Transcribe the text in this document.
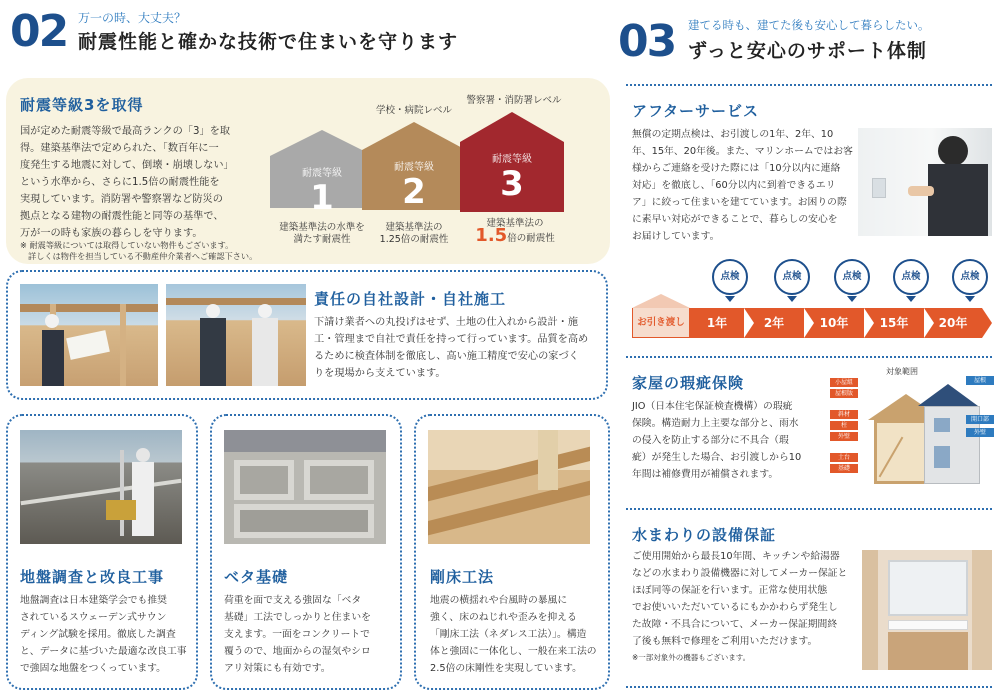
02 万一の時、大丈夫？
耐震性能と確かな技術で住まいを守ります
耐震等級3を取得
国が定めた耐震等級で最高ランクの「3」を取
得。建築基準法で定められた、「数百年に一
度発生する地震に対して、倒壊・崩壊しない」
という水準から、さらに1.5倍の耐震性能を
実現しています。消防署や警察署など防災の
拠点となる建物の耐震性能と同等の基準で、
万が一の時も家族の暮らしを守ります。
※ 耐震等級については取得していない物件もございます。
詳しくは物件を担当している不動産仲介業者へご確認下さい。
学校・病院レベル
警察署・消防署レベル
耐震等級
1
耐震等級
2
耐震等級
3
建築基準法の水準を
満たす耐震性
建築基準法の
1.25倍の耐震性
建築基準法の
1.5倍の耐震性
責任の自社設計・自社施工
下請け業者への丸投げはせず、土地の仕入れから設計・施
工・管理まで自社で責任を持って行っています。品質を高め
るために検査体制を徹底し、高い施工精度で安心の家づく
りを現場から支えています。
地盤調査と改良工事
地盤調査は日本建築学会でも推奨
されているスウェーデン式サウン
ディング試験を採用。徹底した調査
と、データに基づいた最適な改良工事
で強固な地盤をつくっています。
ベタ基礎
荷重を面で支える強固な「ベタ
基礎」工法でしっかりと住まいを
支えます。一面をコンクリートで
覆うので、地面からの湿気やシロ
アリ対策にも有効です。
剛床工法
地震の横揺れや台風時の暴風に
強く、床のねじれや歪みを抑える
「剛床工法（ネダレス工法）」。構造
体と強固に一体化し、一般在来工法の
2.5倍の床剛性を実現しています。
03 建てる時も、建てた後も安心して暮らしたい。
ずっと安心のサポート体制
アフターサービス
無償の定期点検は、お引渡しの1年、2年、10
年、15年、20年後。また、マリンホームではお客
様からご連絡を受けた際には「10分以内に連絡
対応」を徹底し、「60分以内に到着できるエリ
ア」に絞って住まいを建てています。お困りの際
に素早い対応ができることで、暮らしの安心を
お届けしています。
お引き渡し	1年	2年	10年	15年	20年
点検	点検	点検	点検	点検
家屋の瑕疵保険
JIO（日本住宅保証検査機構）の瑕疵
保険。構造耐力上主要な部分と、雨水
の侵入を防止する部分に不具合（瑕
疵）が発生した場合、お引渡しから10
年間は補修費用が補償されます。
対象範囲
小屋組
屋根版
斜材
柱
外壁
土台
基礎
屋根
開口部
外壁
水まわりの設備保証
ご使用開始から最長10年間、キッチンや給湯器
などの水まわり設備機器に対してメーカー保証と
ほぼ同等の保証を行います。正常な使用状態
でお使いいただいているにもかかわらず発生し
た故障・不具合について、メーカー保証期間終
了後も無料で修理をご利用いただけます。
※一部対象外の機器もございます。
